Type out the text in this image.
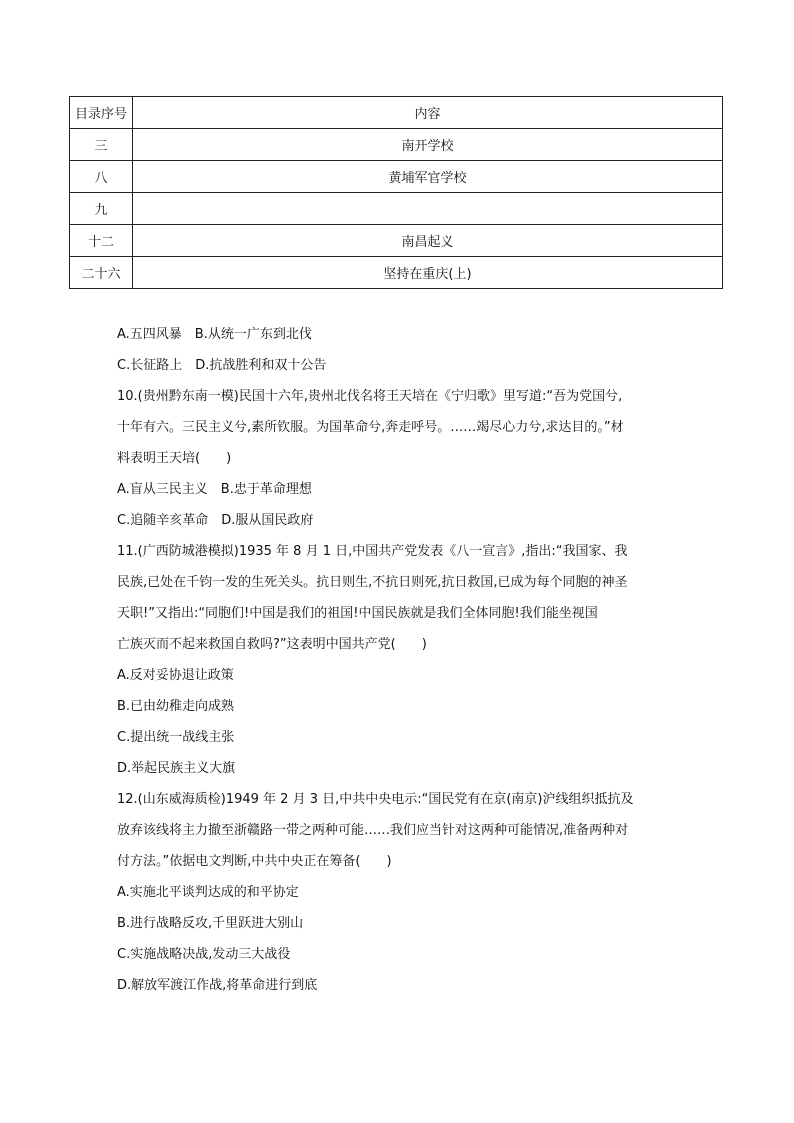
目录序号	内容
三	南开学校
八	黄埔军官学校
九	
十二	南昌起义
二十六	坚持在重庆(上)

A.五四风暴　B.从统一广东到北伐

C.长征路上　D.抗战胜利和双十公告

10.(贵州黔东南一模)民国十六年,贵州北伐名将王天培在《宁归歌》里写道:“吾为党国兮,

十年有六。三民主义兮,素所钦服。为国革命兮,奔走呼号。……竭尽心力兮,求达目的。”材

料表明王天培(　　)

A.盲从三民主义　B.忠于革命理想

C.追随辛亥革命　D.服从国民政府

11.(广西防城港模拟)1935 年 8 月 1 日,中国共产党发表《八一宣言》,指出:“我国家、我

民族,已处在千钧一发的生死关头。抗日则生,不抗日则死,抗日救国,已成为每个同胞的神圣

天职!”又指出:“同胞们!中国是我们的祖国!中国民族就是我们全体同胞!我们能坐视国

亡族灭而不起来救国自救吗?”这表明中国共产党(　　)

A.反对妥协退让政策

B.已由幼稚走向成熟

C.提出统一战线主张

D.举起民族主义大旗

12.(山东威海质检)1949 年 2 月 3 日,中共中央电示:“国民党有在京(南京)沪线组织抵抗及

放弃该线将主力撤至浙赣路一带之两种可能……我们应当针对这两种可能情况,准备两种对

付方法。”依据电文判断,中共中央正在筹备(　　)

A.实施北平谈判达成的和平协定

B.进行战略反攻,千里跃进大别山

C.实施战略决战,发动三大战役

D.解放军渡江作战,将革命进行到底
